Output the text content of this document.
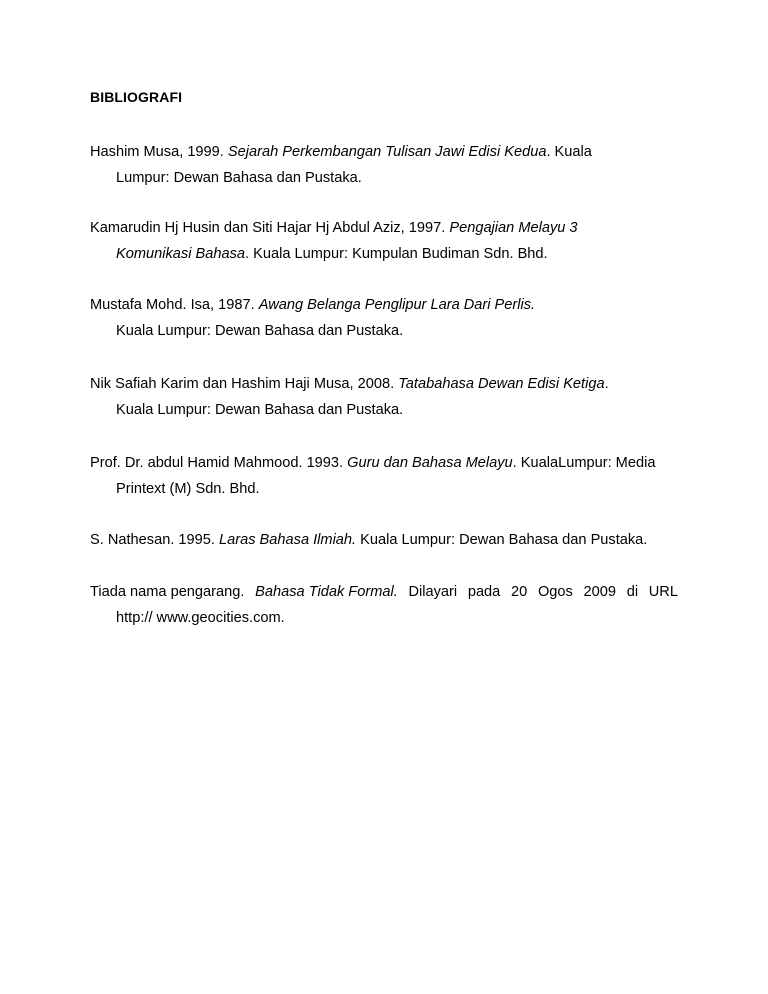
BIBLIOGRAFI
Hashim Musa, 1999. Sejarah Perkembangan Tulisan Jawi Edisi Kedua. Kuala
Lumpur: Dewan Bahasa dan Pustaka.
Kamarudin Hj Husin dan Siti Hajar Hj Abdul Aziz, 1997. Pengajian Melayu 3
Komunikasi Bahasa. Kuala Lumpur: Kumpulan Budiman Sdn. Bhd.
Mustafa Mohd. Isa, 1987. Awang Belanga Penglipur Lara Dari Perlis.
Kuala Lumpur: Dewan Bahasa dan Pustaka.
Nik Safiah Karim dan Hashim Haji Musa, 2008. Tatabahasa Dewan Edisi Ketiga.
Kuala Lumpur: Dewan Bahasa dan Pustaka.
Prof. Dr. abdul Hamid Mahmood. 1993. Guru dan Bahasa Melayu. KualaLumpur: Media
Printext (M) Sdn. Bhd.
S. Nathesan. 1995. Laras Bahasa Ilmiah. Kuala Lumpur: Dewan Bahasa dan Pustaka.
Tiada nama pengarang. Bahasa Tidak Formal. Dilayari pada 20 Ogos 2009 di URL
http:// www.geocities.com.
